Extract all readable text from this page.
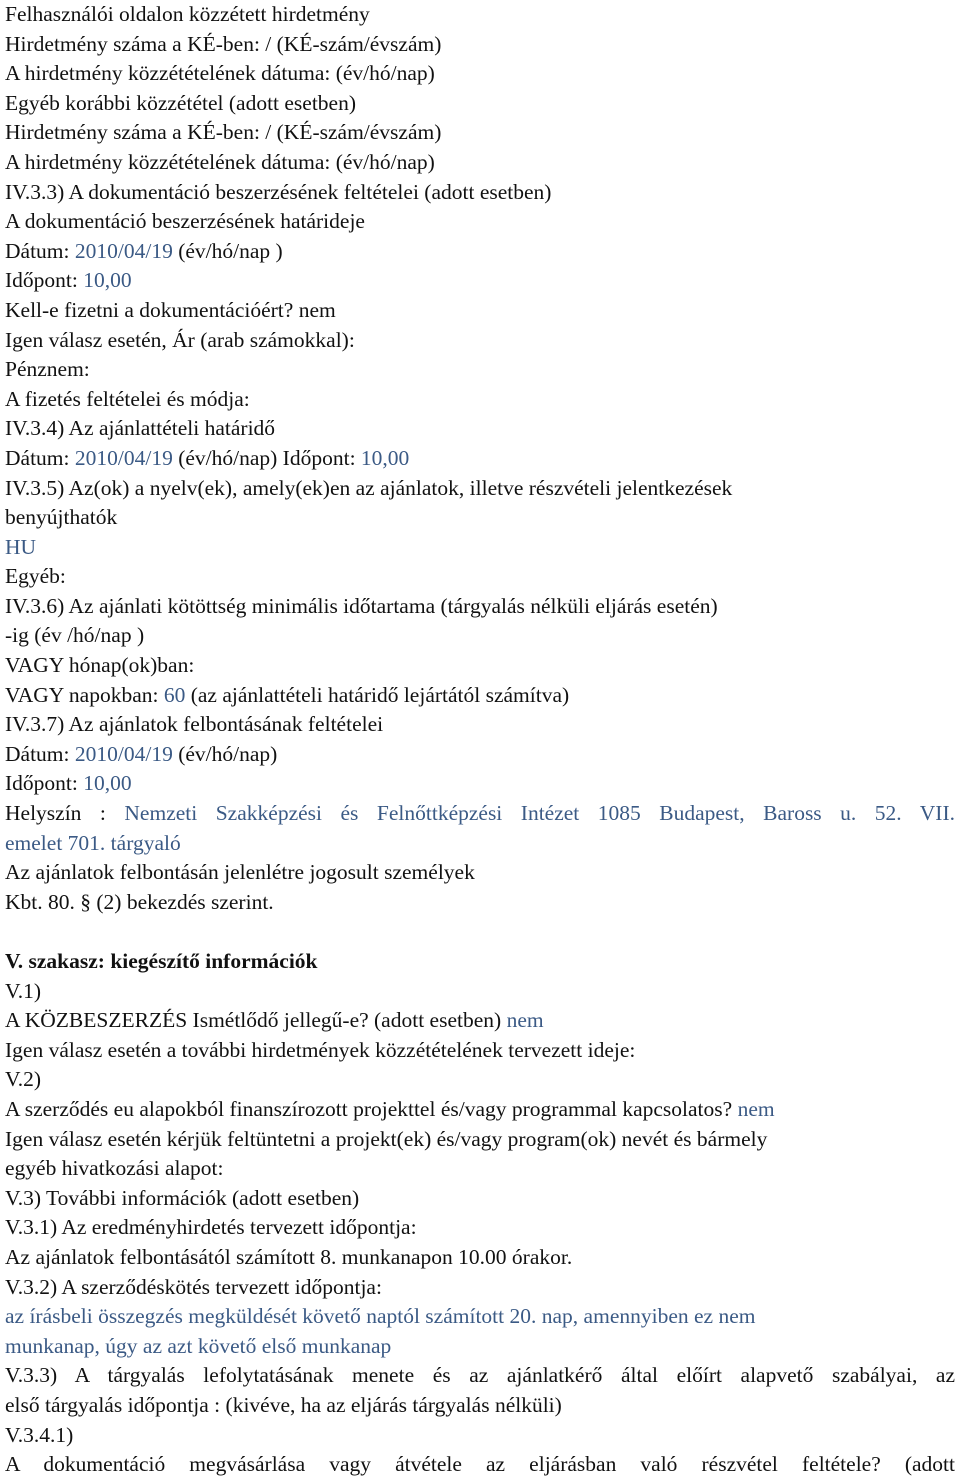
Felhasználói oldalon közzétett hirdetmény
Hirdetmény száma a KÉ-ben: / (KÉ-szám/évszám)
A hirdetmény közzétételének dátuma: (év/hó/nap)
Egyéb korábbi közzététel (adott esetben)
Hirdetmény száma a KÉ-ben: / (KÉ-szám/évszám)
A hirdetmény közzétételének dátuma: (év/hó/nap)
IV.3.3) A dokumentáció beszerzésének feltételei (adott esetben)
A dokumentáció beszerzésének határideje
Dátum: 2010/04/19 (év/hó/nap )
Időpont: 10,00
Kell-e fizetni a dokumentációért? nem
Igen válasz esetén, Ár (arab számokkal):
Pénznem:
A fizetés feltételei és módja:
IV.3.4) Az ajánlattételi határidő
Dátum: 2010/04/19 (év/hó/nap) Időpont: 10,00
IV.3.5) Az(ok) a nyelv(ek), amely(ek)en az ajánlatok, illetve részvételi jelentkezések
benyújthatók
HU
Egyéb:
IV.3.6) Az ajánlati kötöttség minimális időtartama (tárgyalás nélküli eljárás esetén)
-ig (év /hó/nap )
VAGY hónap(ok)ban:
VAGY napokban: 60 (az ajánlattételi határidő lejártától számítva)
IV.3.7) Az ajánlatok felbontásának feltételei
Dátum: 2010/04/19 (év/hó/nap)
Időpont: 10,00
Helyszín : Nemzeti Szakképzési és Felnőttképzési Intézet 1085 Budapest, Baross u. 52. VII.
emelet 701. tárgyaló
Az ajánlatok felbontásán jelenlétre jogosult személyek
Kbt. 80. § (2) bekezdés szerint.
V. szakasz: kiegészítő információk
V.1)
A KÖZBESZERZÉS Ismétlődő jellegű-e? (adott esetben) nem
Igen válasz esetén a további hirdetmények közzétételének tervezett ideje:
V.2)
A szerződés eu alapokból finanszírozott projekttel és/vagy programmal kapcsolatos? nem
Igen válasz esetén kérjük feltüntetni a projekt(ek) és/vagy program(ok) nevét és bármely
egyéb hivatkozási alapot:
V.3) További információk (adott esetben)
V.3.1) Az eredményhirdetés tervezett időpontja:
Az ajánlatok felbontásától számított 8. munkanapon 10.00 órakor.
V.3.2) A szerződéskötés tervezett időpontja:
az írásbeli összegzés megküldését követő naptól számított 20. nap, amennyiben ez nem
munkanap, úgy az azt követő első munkanap
V.3.3) A tárgyalás lefolytatásának menete és az ajánlatkérő által előírt alapvető szabályai, az
első tárgyalás időpontja : (kivéve, ha az eljárás tárgyalás nélküli)
V.3.4.1)
A dokumentáció megvásárlása vagy átvétele az eljárásban való részvétel feltétele? (adott
